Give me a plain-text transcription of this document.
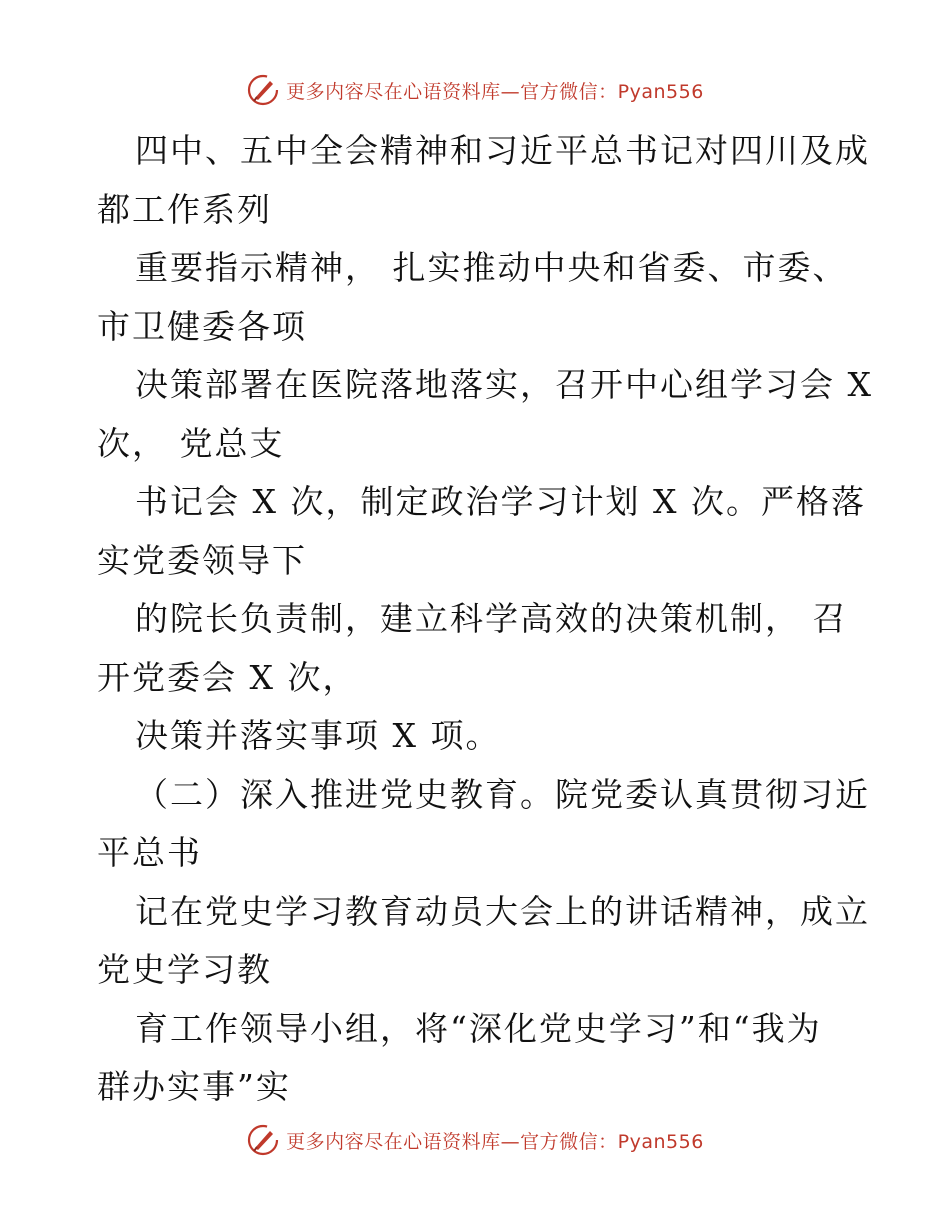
更多内容尽在心语资料库—官方微信：Pyan556
四中、五中全会精神和习近平总书记对四川及成
都工作系列
重要指示精神， 扎实推动中央和省委、市委、
市卫健委各项
决策部署在医院落地落实，召开中心组学习会 X
次， 党总支
书记会 X 次，制定政治学习计划 X 次。严格落
实党委领导下
的院长负责制，建立科学高效的决策机制， 召
开党委会 X 次，
决策并落实事项 X 项。
（二）深入推进党史教育。院党委认真贯彻习近
平总书
记在党史学习教育动员大会上的讲话精神，成立
党史学习教
育工作领导小组，将“深化党史学习”和“我为
群办实事”实
更多内容尽在心语资料库—官方微信：Pyan556
